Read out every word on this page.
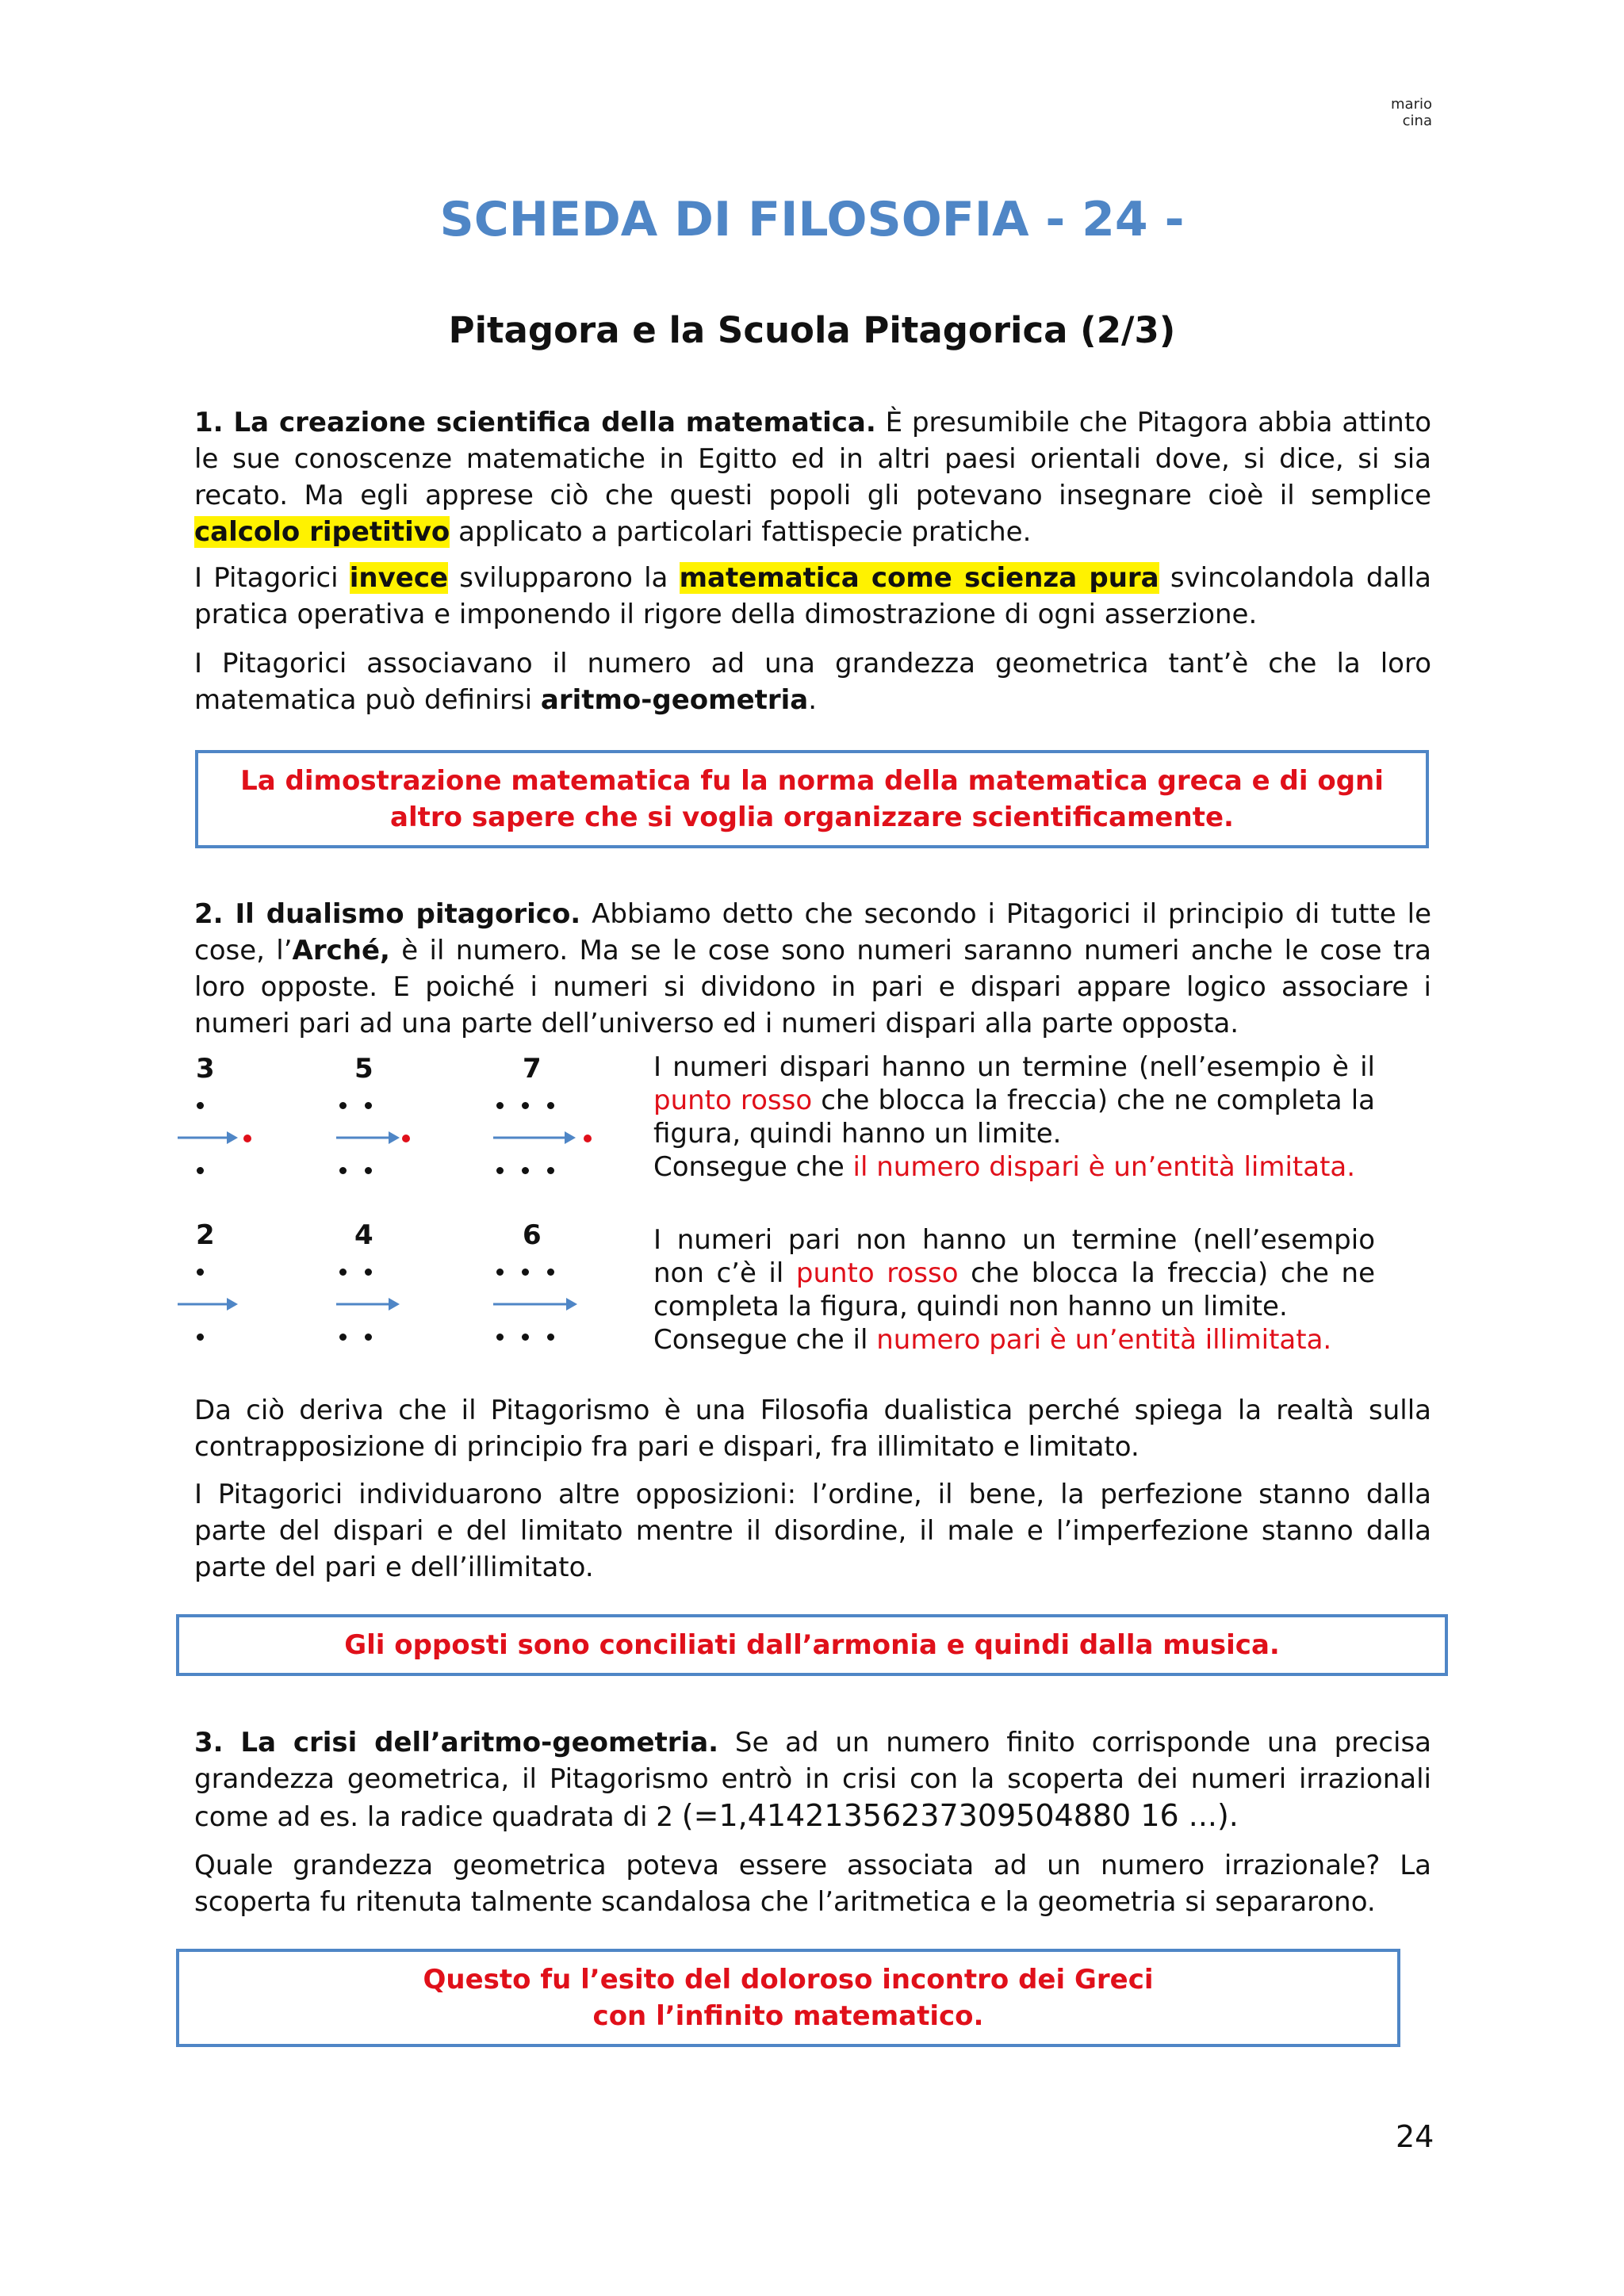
mario cina
SCHEDA DI FILOSOFIA - 24 -
Pitagora e la Scuola Pitagorica (2/3)

1. La creazione scientifica della matematica. È presumibile che Pitagora abbia attinto le sue conoscenze matematiche in Egitto ed in altri paesi orientali dove, si dice, si sia recato. Ma egli apprese ciò che questi popoli gli potevano insegnare cioè il semplice calcolo ripetitivo applicato a particolari fattispecie pratiche.

I Pitagorici invece svilupparono la matematica come scienza pura svincolandola dalla pratica operativa e imponendo il rigore della dimostrazione di ogni asserzione.

I Pitagorici associavano il numero ad una grandezza geometrica tant’è che la loro matematica può definirsi aritmo-geometria.

La dimostrazione matematica fu la norma della matematica greca e di ogni
altro sapere che si voglia organizzare scientificamente.

2. Il dualismo pitagorico. Abbiamo detto che secondo i Pitagorici il principio di tutte le cose, l’Arché, è il numero. Ma se le cose sono numeri saranno numeri anche le cose tra loro opposte. E poiché i numeri si dividono in pari e dispari appare logico associare i numeri pari ad una parte dell’universo ed i numeri dispari alla parte opposta.

3	5	7	I numeri dispari hanno un termine (nell’esempio è il punto rosso che blocca la freccia) che ne completa la figura, quindi hanno un limite.
Consegue che il numero dispari è un’entità limitata.

2	4	6	I numeri pari non hanno un termine (nell’esempio non c’è il punto rosso che blocca la freccia) che ne completa la figura, quindi non hanno un limite.
Consegue che il numero pari è un’entità illimitata.

Da ciò deriva che il Pitagorismo è una Filosofia dualistica perché spiega la realtà sulla contrapposizione di principio fra pari e dispari, fra illimitato e limitato.

I Pitagorici individuarono altre opposizioni: l’ordine, il bene, la perfezione stanno dalla parte del dispari e del limitato mentre il disordine, il male e l’imperfezione stanno dalla parte del pari e dell’illimitato.

Gli opposti sono conciliati dall’armonia e quindi dalla musica.

3. La crisi dell’aritmo-geometria. Se ad un numero finito corrisponde una precisa grandezza geometrica, il Pitagorismo entrò in crisi con la scoperta dei numeri irrazionali come ad es. la radice quadrata di 2 (=1,41421356237309504880 16 ...).

Quale grandezza geometrica poteva essere associata ad un numero irrazionale? La scoperta fu ritenuta talmente scandalosa che l’aritmetica e la geometria si separarono.

Questo fu l’esito del doloroso incontro dei Greci
con l’infinito matematico.
24
